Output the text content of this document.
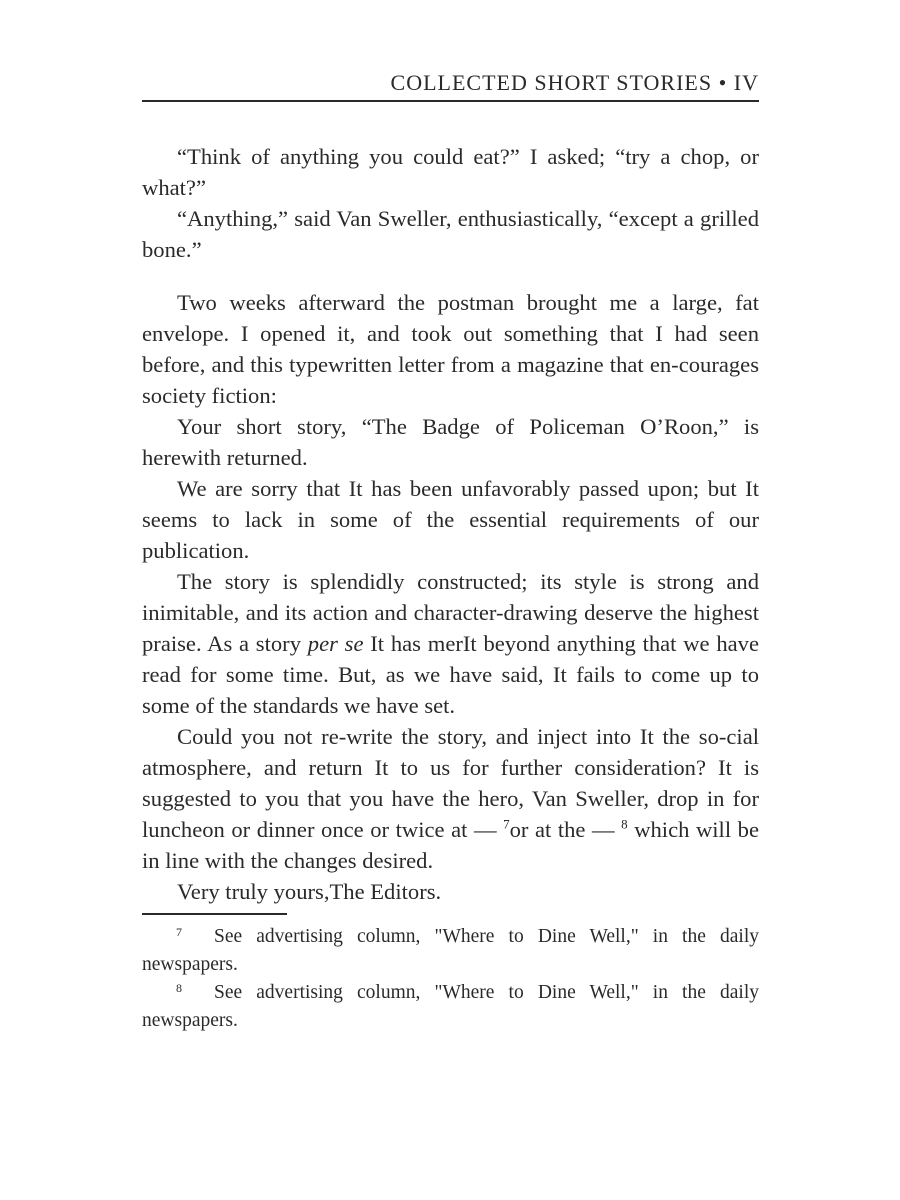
COLLECTED SHORT STORIES • IV

“Think of anything you could eat?” I asked; “try a chop, or what?”

“Anything,” said Van Sweller, enthusiastically, “except a grilled bone.”

Two weeks afterward the postman brought me a large, fat envelope. I opened it, and took out something that I had seen before, and this typewritten letter from a magazine that en-courages society fiction:

Your short story, “The Badge of Policeman O’Roon,” is herewith returned.

We are sorry that It has been unfavorably passed upon; but It seems to lack in some of the essential requirements of our publication.

The story is splendidly constructed; its style is strong and inimitable, and its action and character-drawing deserve the highest praise. As a story per se It has merIt beyond anything that we have read for some time. But, as we have said, It fails to come up to some of the standards we have set.

Could you not re-write the story, and inject into It the so-cial atmosphere, and return It to us for further consideration? It is suggested to you that you have the hero, Van Sweller, drop in for luncheon or dinner once or twice at — $^7$or at the — $^8$ which will be in line with the changes desired.

Very truly yours,The Editors.

7 See advertising column, "Where to Dine Well," in the daily newspapers.

8 See advertising column, "Where to Dine Well," in the daily newspapers.
